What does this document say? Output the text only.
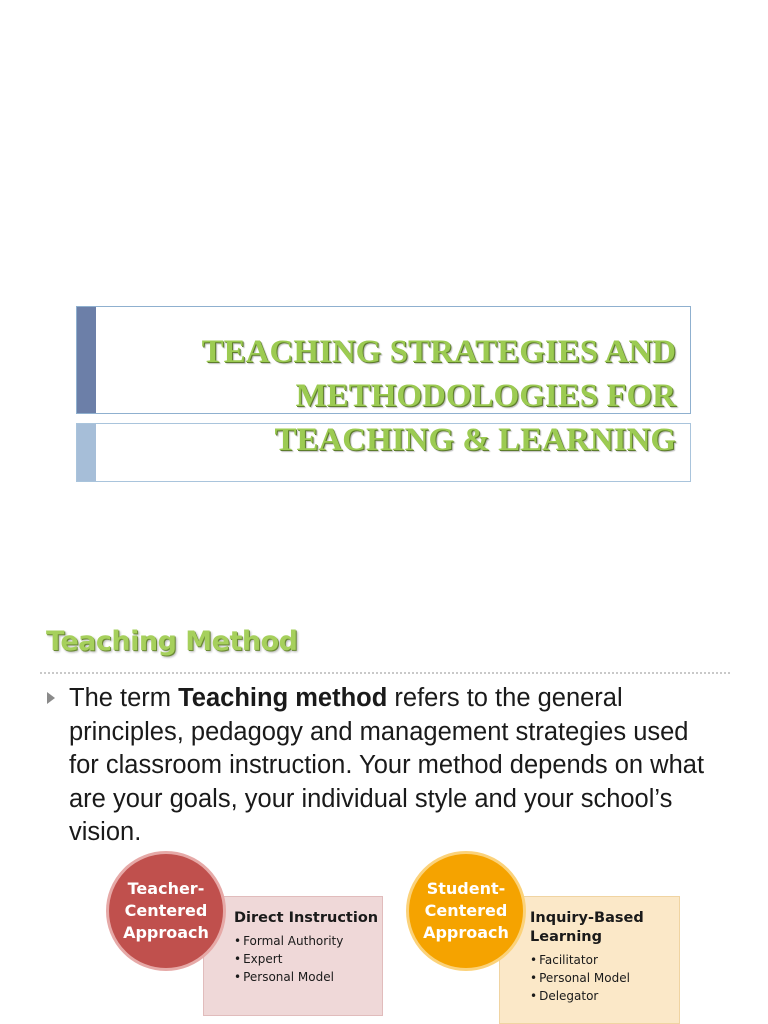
TEACHING STRATEGIES AND
METHODOLOGIES FOR
TEACHING & LEARNING
Teaching Method

The term Teaching method refers to the general principles, pedagogy and management strategies used for classroom instruction. Your method depends on what are your goals, your individual style and your school’s vision.

Teacher-
Centered
Approach
Direct Instruction
• Formal Authority
• Expert
• Personal Model
Student-
Centered
Approach
Inquiry-Based
Learning
• Facilitator
• Personal Model
• Delegator
